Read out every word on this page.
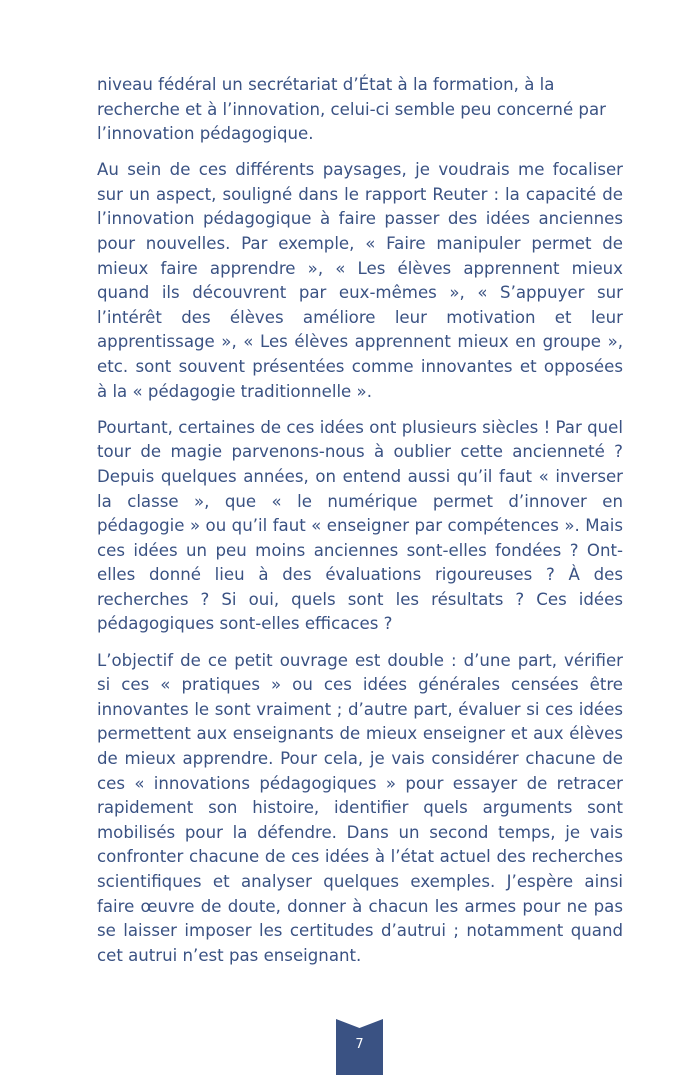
niveau fédéral un secrétariat d’État à la formation, à la recherche et à l’innovation, celui-ci semble peu concerné par l’innovation pédagogique.

Au sein de ces différents paysages, je voudrais me focaliser sur un aspect, souligné dans le rapport Reuter : la capacité de l’innovation pédagogique à faire passer des idées anciennes pour nouvelles. Par exemple, « Faire manipuler permet de mieux faire apprendre », « Les élèves apprennent mieux quand ils découvrent par eux-mêmes », « S’appuyer sur l’intérêt des élèves améliore leur motivation et leur apprentissage », « Les élèves apprennent mieux en groupe », etc. sont souvent présentées comme innovantes et opposées à la « pédagogie traditionnelle ».

Pourtant, certaines de ces idées ont plusieurs siècles ! Par quel tour de magie parvenons-nous à oublier cette ancienneté ? Depuis quelques années, on entend aussi qu’il faut « inverser la classe », que « le numérique permet d’innover en pédagogie » ou qu’il faut « enseigner par compétences ». Mais ces idées un peu moins anciennes sont-elles fondées ? Ont-elles donné lieu à des évaluations rigoureuses ? À des recherches ? Si oui, quels sont les résultats ? Ces idées pédagogiques sont-elles efficaces ?

L’objectif de ce petit ouvrage est double : d’une part, vérifier si ces « pratiques » ou ces idées générales censées être innovantes le sont vraiment ; d’autre part, évaluer si ces idées permettent aux enseignants de mieux enseigner et aux élèves de mieux apprendre. Pour cela, je vais considérer chacune de ces « innovations pédagogiques » pour essayer de retracer rapidement son histoire, identifier quels arguments sont mobilisés pour la défendre. Dans un second temps, je vais confronter chacune de ces idées à l’état actuel des recherches scientifiques et analyser quelques exemples. J’espère ainsi faire œuvre de doute, donner à chacun les armes pour ne pas se laisser imposer les certitudes d’autrui ; notamment quand cet autrui n’est pas enseignant.

7
